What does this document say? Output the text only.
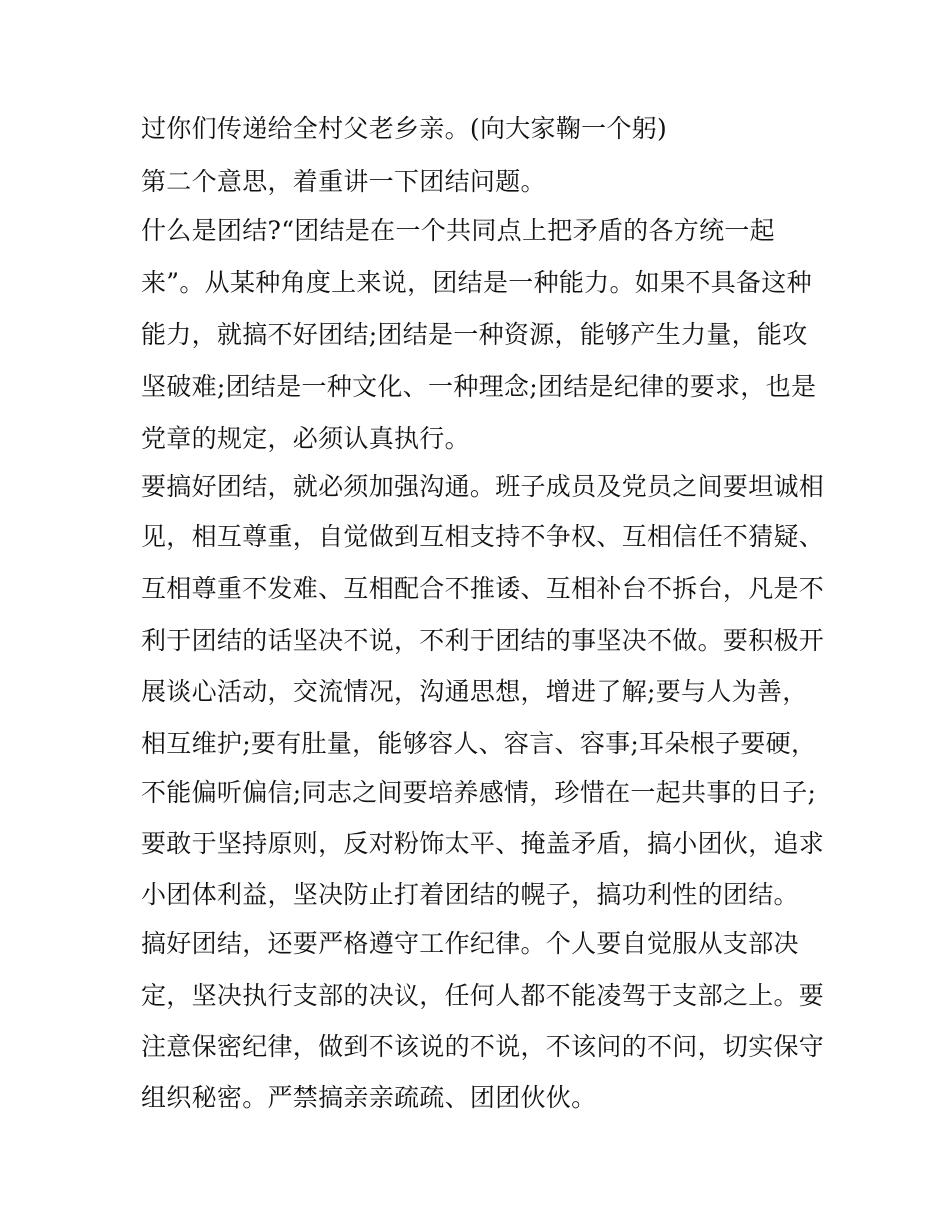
过你们传递给全村父老乡亲。(向大家鞠一个躬)
第二个意思，着重讲一下团结问题。
什么是团结?“团结是在一个共同点上把矛盾的各方统一起
来”。从某种角度上来说，团结是一种能力。如果不具备这种
能力，就搞不好团结;团结是一种资源，能够产生力量，能攻
坚破难;团结是一种文化、一种理念;团结是纪律的要求，也是
党章的规定，必须认真执行。
要搞好团结，就必须加强沟通。班子成员及党员之间要坦诚相
见，相互尊重，自觉做到互相支持不争权、互相信任不猜疑、
互相尊重不发难、互相配合不推诿、互相补台不拆台，凡是不
利于团结的话坚决不说，不利于团结的事坚决不做。要积极开
展谈心活动，交流情况，沟通思想，增进了解;要与人为善，
相互维护;要有肚量，能够容人、容言、容事;耳朵根子要硬，
不能偏听偏信;同志之间要培养感情，珍惜在一起共事的日子;
要敢于坚持原则，反对粉饰太平、掩盖矛盾，搞小团伙，追求
小团体利益，坚决防止打着团结的幌子，搞功利性的团结。
搞好团结，还要严格遵守工作纪律。个人要自觉服从支部决
定，坚决执行支部的决议，任何人都不能凌驾于支部之上。要
注意保密纪律，做到不该说的不说，不该问的不问，切实保守
组织秘密。严禁搞亲亲疏疏、团团伙伙。
